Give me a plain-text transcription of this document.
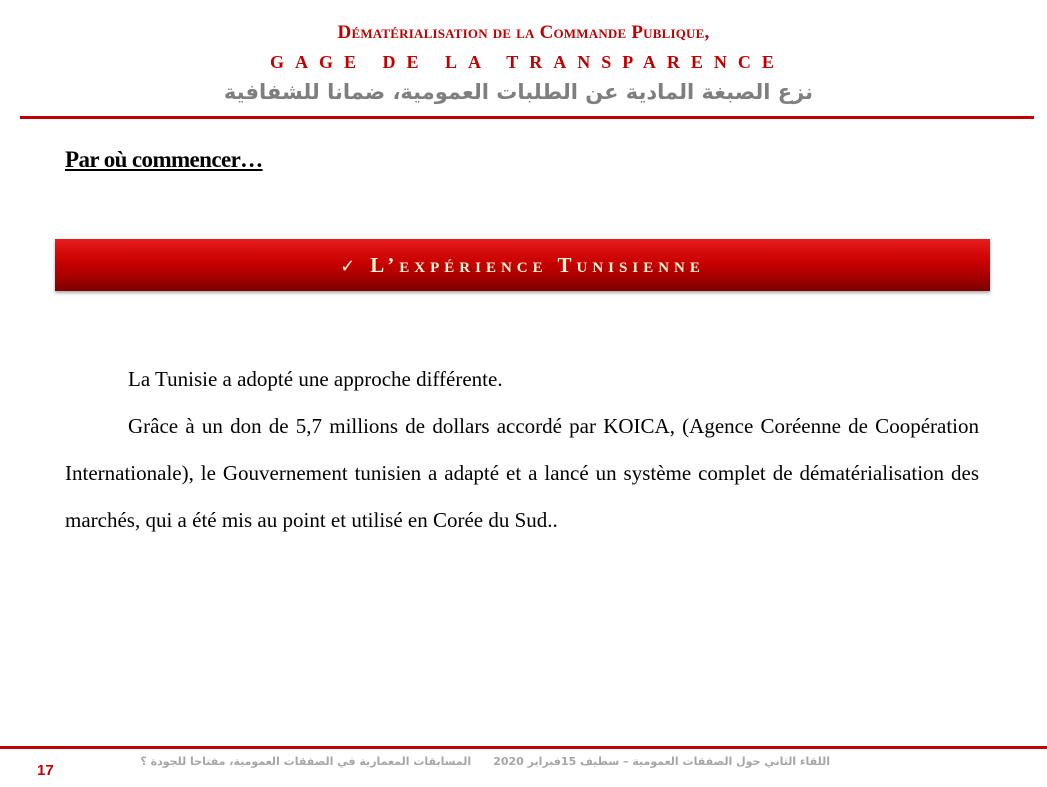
Dématérialisation de la Commande Publique,
GAGE DE LA TRANSPARENCE
نزع الصبغة المادية عن الطلبات العمومية، ضمانا للشفافية
Par où commencer…
✓ L’expérience Tunisienne

La Tunisie a adopté une approche différente.

Grâce à un don de 5,7 millions de dollars accordé par KOICA, (Agence Coréenne de Coopération Internationale), le Gouvernement tunisien a adapté et a lancé un système complet de dématérialisation des marchés, qui a été mis au point et utilisé en Corée du Sud..

17
اللقاء الثاني حول الصفقات العمومية – سطيف 15فبراير 2020المسابقات المعمارية في الصفقات العمومية، مفتاحا للجودة ؟
